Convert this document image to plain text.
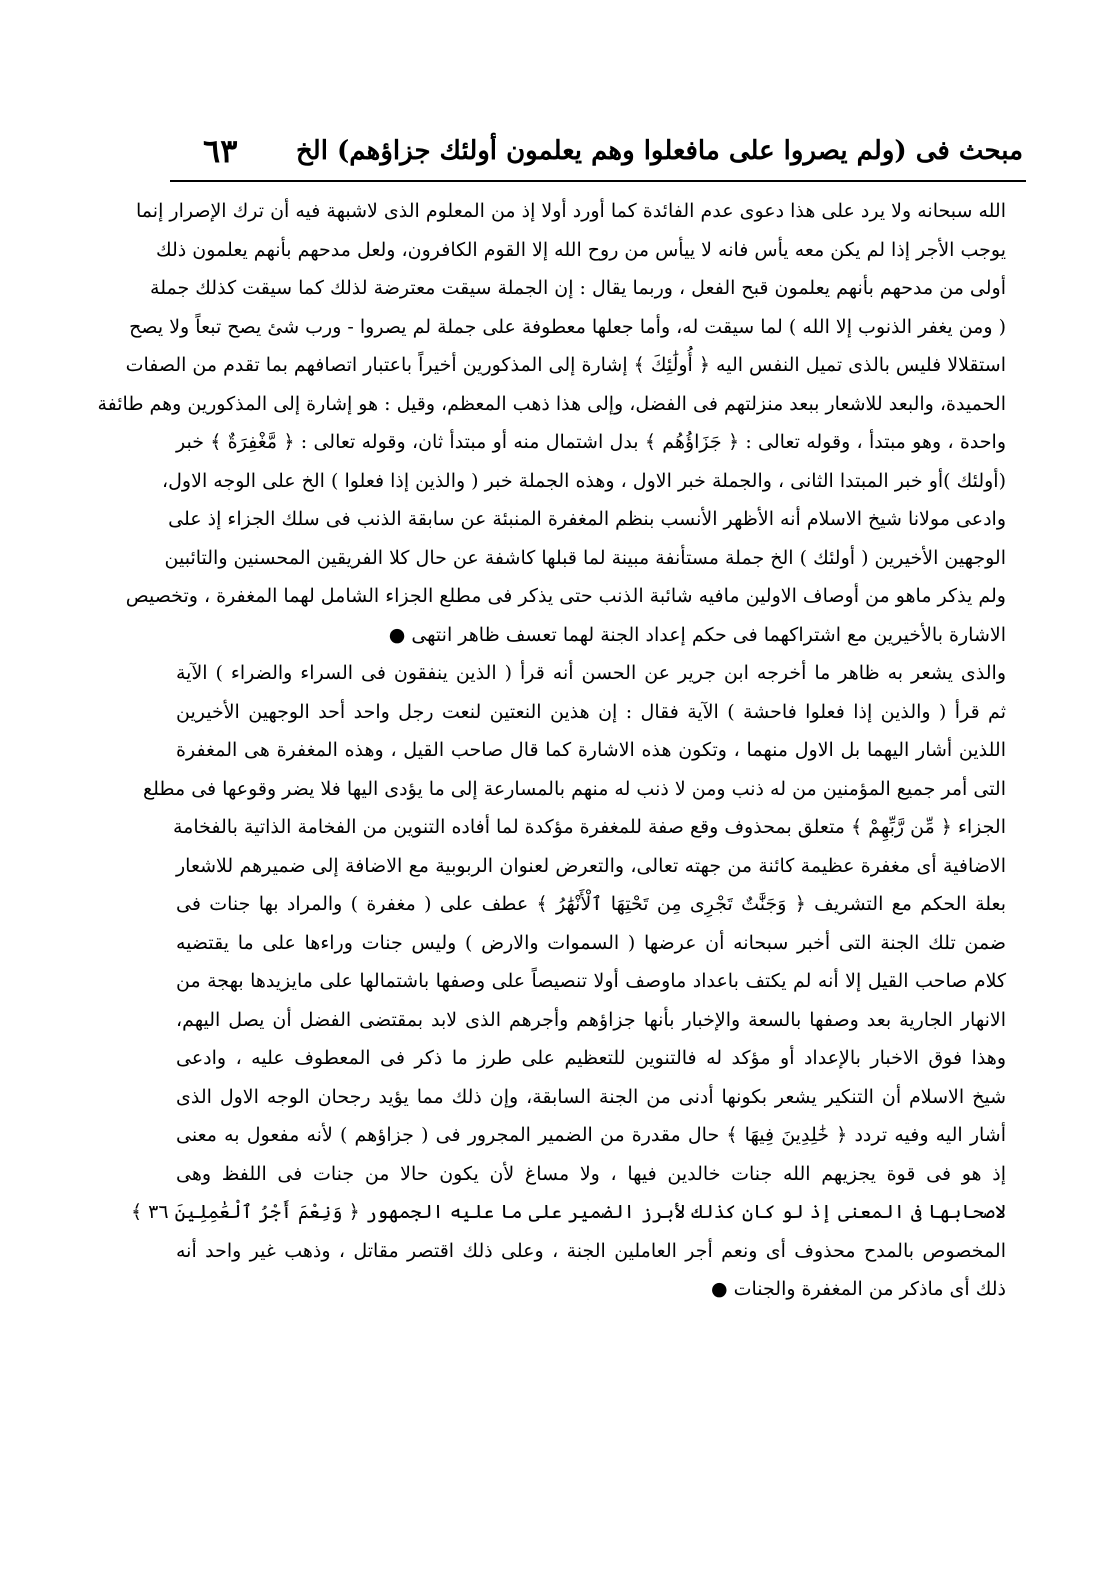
مبحث فى (ولم يصروا على مافعلوا وهم يعلمون أولئك جزاؤهم) الخ
٦٣
الله سبحانه ولا يرد على هذا دعوى عدم الفائدة كما أورد أولا إذ من المعلوم الذى لاشبهة فيه أن ترك الإصرار إنما
يوجب الأجر إذا لم يكن معه يأس فانه لا ييأس من روح الله إلا القوم الكافرون، ولعل مدحهم بأنهم يعلمون ذلك
أولى من مدحهم بأنهم يعلمون قبح الفعل ، وربما يقال : إن الجملة سيقت معترضة لذلك كما سيقت كذلك جملة
( ومن يغفر الذنوب إلا الله ) لما سيقت له، وأما جعلها معطوفة على جملة لم يصروا - ورب شئ يصح تبعاً ولا يصح
استقلالا فليس بالذى تميل النفس اليه ﴿ أُولَٰئِكَ ﴾ إشارة إلى المذكورين أخيراً باعتبار اتصافهم بما تقدم من الصفات
الحميدة، والبعد للاشعار ببعد منزلتهم فى الفضل، وإلى هذا ذهب المعظم، وقيل : هو إشارة إلى المذكورين وهم طائفة
واحدة ، وهو مبتدأ ، وقوله تعالى : ﴿ جَزَاؤُهُم ﴾ بدل اشتمال منه أو مبتدأ ثان، وقوله تعالى : ﴿ مَّغْفِرَةٌ ﴾ خبر
(أولئك )أو خبر المبتدا الثانى ، والجملة خبر الاول ، وهذه الجملة خبر ( والذين إذا فعلوا ) الخ على الوجه الاول،
وادعى مولانا شيخ الاسلام أنه الأظهر الأنسب بنظم المغفرة المنبئة عن سابقة الذنب فى سلك الجزاء إذ على
الوجهين الأخيرين ( أولئك ) الخ جملة مستأنفة مبينة لما قبلها كاشفة عن حال كلا الفريقين المحسنين والتائبين
ولم يذكر ماهو من أوصاف الاولين مافيه شائبة الذنب حتى يذكر فى مطلع الجزاء الشامل لهما المغفرة ، وتخصيص
الاشارة بالأخيرين مع اشتراكهما فى حكم إعداد الجنة لهما تعسف ظاهر انتهى ●
والذى يشعر به ظاهر ما أخرجه ابن جرير عن الحسن أنه قرأ ( الذين ينفقون فى السراء والضراء ) الآية
ثم قرأ ( والذين إذا فعلوا فاحشة ) الآية فقال : إن هذين النعتين لنعت رجل واحد أحد الوجهين الأخيرين
اللذين أشار اليهما بل الاول منهما ، وتكون هذه الاشارة كما قال صاحب القيل ، وهذه المغفرة هى المغفرة
التى أمر جميع المؤمنين من له ذنب ومن لا ذنب له منهم بالمسارعة إلى ما يؤدى اليها فلا يضر وقوعها فى مطلع
الجزاء ﴿ مِّن رَّبِّهِمْ ﴾ متعلق بمحذوف وقع صفة للمغفرة مؤكدة لما أفاده التنوين من الفخامة الذاتية بالفخامة
الاضافية أى مغفرة عظيمة كائنة من جهته تعالى، والتعرض لعنوان الربوبية مع الاضافة إلى ضميرهم للاشعار
بعلة الحكم مع التشريف ﴿ وَجَنَّٰتٌ تَجْرِى مِن تَحْتِهَا ٱلْأَنْهَٰرُ ﴾ عطف على ( مغفرة ) والمراد بها جنات فى
ضمن تلك الجنة التى أخبر سبحانه أن عرضها ( السموات والارض ) وليس جنات وراءها على ما يقتضيه
كلام صاحب القيل إلا أنه لم يكتف باعداد ماوصف أولا تنصيصاً على وصفها باشتمالها على مايزيدها بهجة من
الانهار الجارية بعد وصفها بالسعة والإخبار بأنها جزاؤهم وأجرهم الذى لابد بمقتضى الفضل أن يصل اليهم،
وهذا فوق الاخبار بالإعداد أو مؤكد له فالتنوين للتعظيم على طرز ما ذكر فى المعطوف عليه ، وادعى
شيخ الاسلام أن التنكير يشعر بكونها أدنى من الجنة السابقة، وإن ذلك مما يؤيد رجحان الوجه الاول الذى
أشار اليه وفيه تردد ﴿ خَٰلِدِينَ فِيهَا ﴾ حال مقدرة من الضمير المجرور فى ( جزاؤهم ) لأنه مفعول به معنى
إذ هو فى قوة يجزيهم الله جنات خالدين فيها ، ولا مساغ لأن يكون حالا من جنات فى اللفظ وهى
لاصحابها فى المعنى إذ لو كان كذلك لأبرز الضمير على ما عليه الجمهور ﴿ وَنِعْمَ أَجْرُ ٱلْعَٰمِلِينَ ٣٦ ﴾
المخصوص بالمدح محذوف أى ونعم أجر العاملين الجنة ، وعلى ذلك اقتصر مقاتل ، وذهب غير واحد أنه
ذلك أى ماذكر من المغفرة والجنات ●
